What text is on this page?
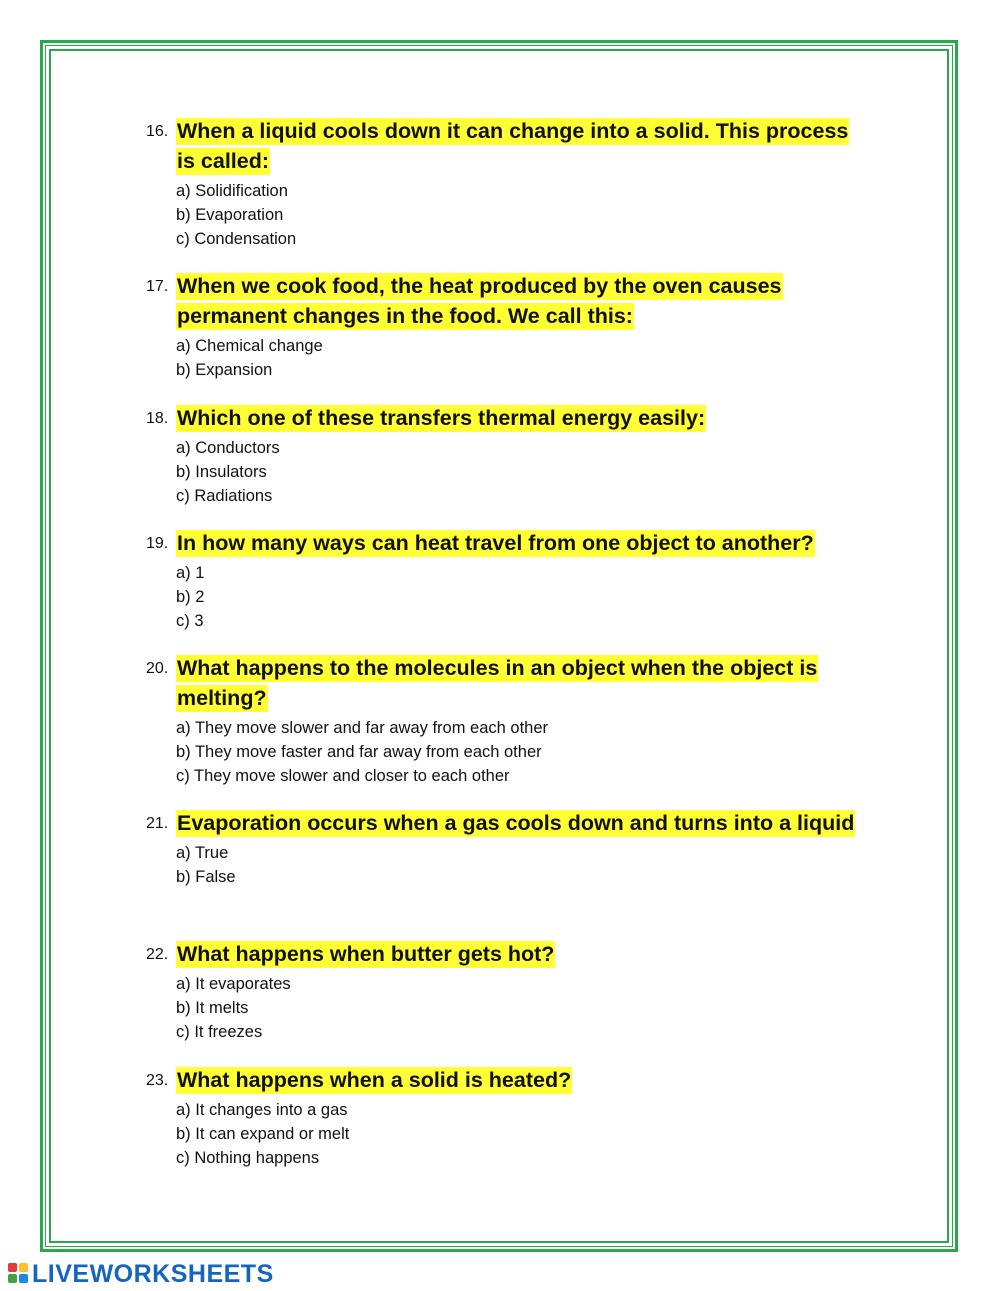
16. When a liquid cools down it can change into a solid. This process is called:
a) Solidification
b) Evaporation
c) Condensation
17. When we cook food, the heat produced by the oven causes permanent changes in the food. We call this:
a) Chemical change
b) Expansion
18. Which one of these transfers thermal energy easily:
a) Conductors
b) Insulators
c) Radiations
19. In how many ways can heat travel from one object to another?
a) 1
b) 2
c) 3
20. What happens to the molecules in an object when the object is melting?
a) They move slower and far away from each other
b) They move faster and far away from each other
c) They move slower and closer to each other
21. Evaporation occurs when a gas cools down and turns into a liquid
a) True
b) False
22. What happens when butter gets hot?
a) It evaporates
b) It melts
c) It freezes
23. What happens when a solid is heated?
a) It changes into a gas
b) It can expand or melt
c) Nothing happens
LIVEWORKSHEETS
